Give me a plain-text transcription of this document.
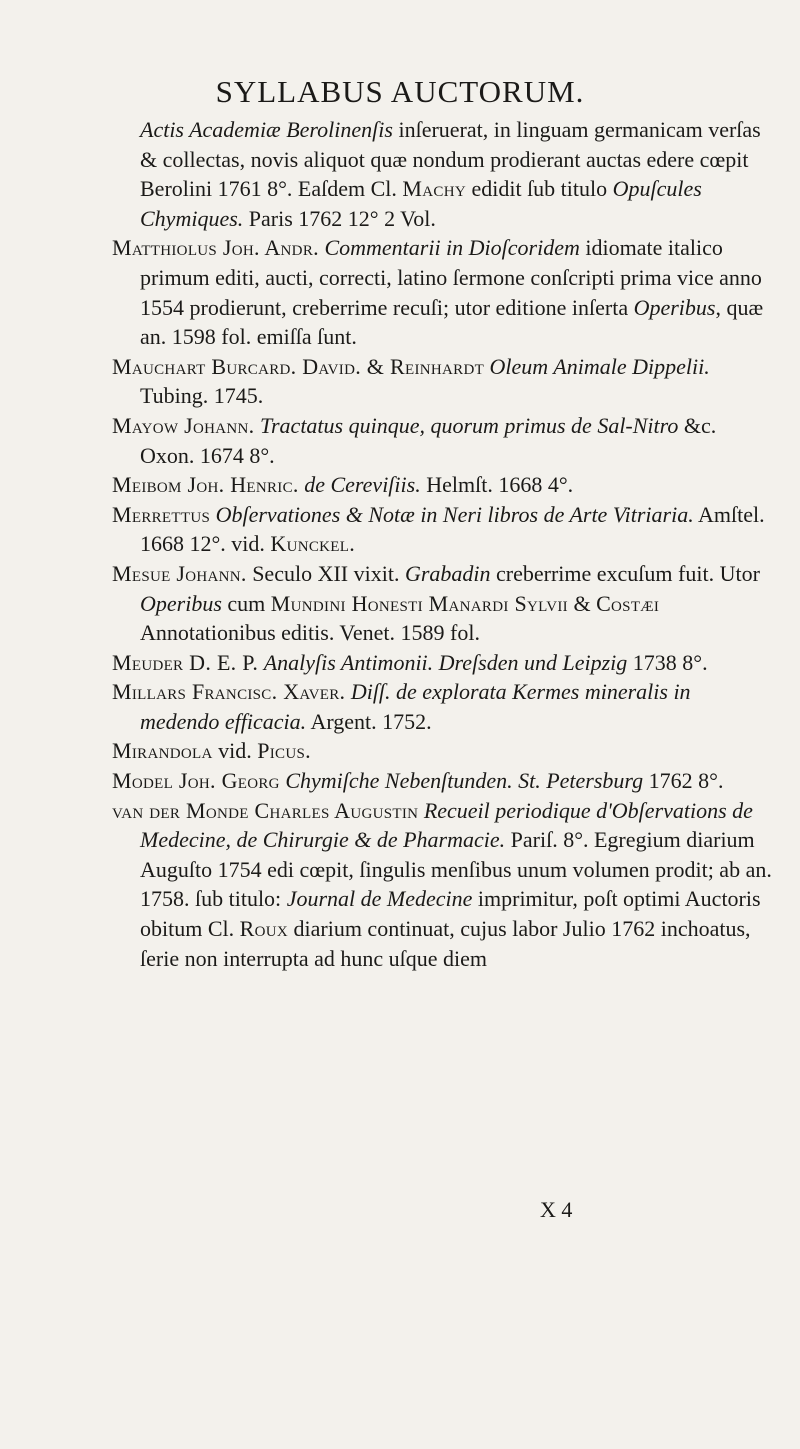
SYLLABUS AUCTORUM.

Actis Academiæ Berolinenſis inſeruerat, in linguam germanicam verſas & collectas, novis aliquot quæ nondum prodierant auctas edere cœpit Berolini 1761 8°. Eaſdem Cl. Machy edidit ſub titulo Opuſcules Chymiques. Paris 1762 12° 2 Vol.

Matthiolus Joh. Andr. Commentarii in Dioſcoridem idiomate italico primum editi, aucti, correcti, latino ſermone conſcripti prima vice anno 1554 prodierunt, creberrime recuſi; utor editione inſerta Operibus, quæ an. 1598 fol. emiſſa ſunt.

Mauchart Burcard. David. & Reinhardt Oleum Animale Dippelii. Tubing. 1745.

Mayow Johann. Tractatus quinque, quorum primus de Sal-Nitro &c. Oxon. 1674 8°.

Meibom Joh. Henric. de Cereviſiis. Helmſt. 1668 4°.

Merrettus Obſervationes & Notæ in Neri libros de Arte Vitriaria. Amſtel. 1668 12°. vid. Kunckel.

Mesue Johann. Seculo XII vixit. Grabadin creberrime excuſum fuit. Utor Operibus cum Mundini Honesti Manardi Sylvii & Costæi Annotationibus editis. Venet. 1589 fol.

Meuder D. E. P. Analyſis Antimonii. Dreſsden und Leipzig 1738 8°.

Millars Francisc. Xaver. Diſſ. de explorata Kermes mineralis in medendo efficacia. Argent. 1752.

Mirandola vid. Picus.

Model Joh. Georg Chymiſche Nebenſtunden. St. Petersburg 1762 8°.

van der Monde Charles Augustin Recueil periodique d'Obſervations de Medecine, de Chirurgie & de Pharmacie. Pariſ. 8°. Egregium diarium Auguſto 1754 edi cœpit, ſingulis menſibus unum volumen prodit; ab an. 1758. ſub titulo: Journal de Medecine imprimitur, poſt optimi Auctoris obitum Cl. Roux diarium continuat, cujus labor Julio 1762 inchoatus, ſerie non interrupta ad hunc uſque diem

X 4
